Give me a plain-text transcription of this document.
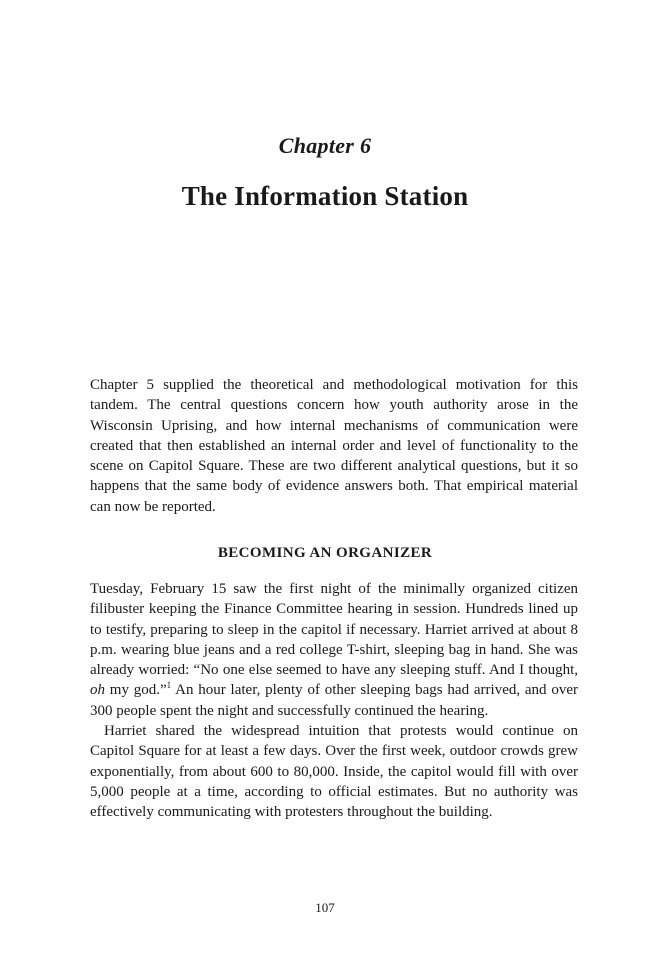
Chapter 6
The Information Station

Chapter 5 supplied the theoretical and methodological motivation for this tandem. The central questions concern how youth authority arose in the Wisconsin Uprising, and how internal mechanisms of communication were created that then established an internal order and level of functionality to the scene on Capitol Square. These are two different analytical questions, but it so happens that the same body of evidence answers both. That empirical material can now be reported.

BECOMING AN ORGANIZER

Tuesday, February 15 saw the first night of the minimally organized citizen filibuster keeping the Finance Committee hearing in session. Hundreds lined up to testify, preparing to sleep in the capitol if necessary. Harriet arrived at about 8 p.m. wearing blue jeans and a red college T-shirt, sleeping bag in hand. She was already worried: “No one else seemed to have any sleeping stuff. And I thought, oh my god.”$^1$ An hour later, plenty of other sleeping bags had arrived, and over 300 people spent the night and successfully continued the hearing.

Harriet shared the widespread intuition that protests would continue on Capitol Square for at least a few days. Over the first week, outdoor crowds grew exponentially, from about 600 to 80,000. Inside, the capitol would fill with over 5,000 people at a time, according to official estimates. But no authority was effectively communicating with protesters throughout the building.

107
